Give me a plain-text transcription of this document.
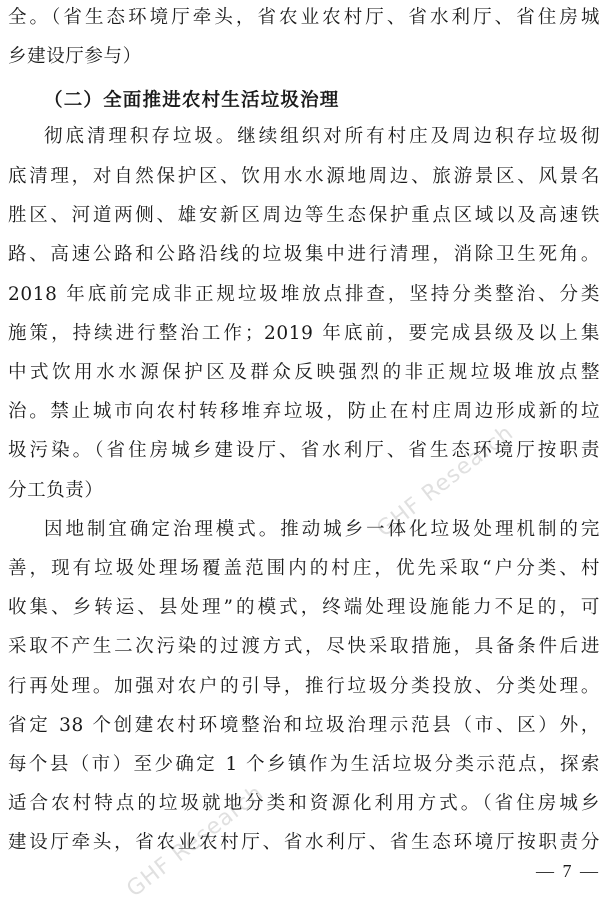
GHF Research
GHF Research
全。（省生态环境厅牵头，省农业农村厅、省水利厅、省住房城
乡建设厅参与）
（二）全面推进农村生活垃圾治理
彻底清理积存垃圾。继续组织对所有村庄及周边积存垃圾彻
底清理，对自然保护区、饮用水水源地周边、旅游景区、风景名
胜区、河道两侧、雄安新区周边等生态保护重点区域以及高速铁
路、高速公路和公路沿线的垃圾集中进行清理，消除卫生死角。
2018 年底前完成非正规垃圾堆放点排查，坚持分类整治、分类
施策，持续进行整治工作；2019 年底前，要完成县级及以上集
中式饮用水水源保护区及群众反映强烈的非正规垃圾堆放点整
治。禁止城市向农村转移堆弃垃圾，防止在村庄周边形成新的垃
圾污染。（省住房城乡建设厅、省水利厅、省生态环境厅按职责
分工负责）
因地制宜确定治理模式。推动城乡一体化垃圾处理机制的完
善，现有垃圾处理场覆盖范围内的村庄，优先采取“户分类、村
收集、乡转运、县处理”的模式，终端处理设施能力不足的，可
采取不产生二次污染的过渡方式，尽快采取措施，具备条件后进
行再处理。加强对农户的引导，推行垃圾分类投放、分类处理。
省定 38 个创建农村环境整治和垃圾治理示范县（市、区）外，
每个县（市）至少确定 1 个乡镇作为生活垃圾分类示范点，探索
适合农村特点的垃圾就地分类和资源化利用方式。（省住房城乡
建设厅牵头，省农业农村厅、省水利厅、省生态环境厅按职责分
— 7 —
